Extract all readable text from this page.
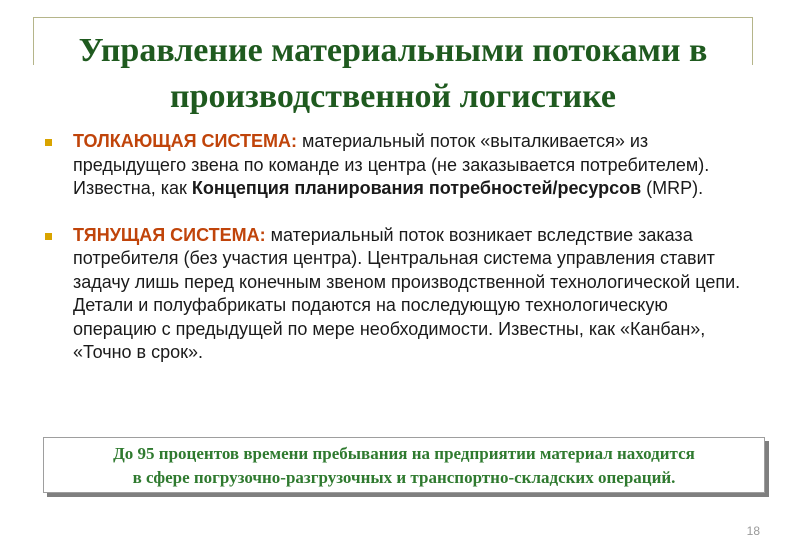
Управление материальными потоками в
производственной логистике
ТОЛКАЮЩАЯ СИСТЕМА: материальный поток «выталкивается» из предыдущего звена по команде из центра (не заказывается потребителем). Известна, как Концепция планирования потребностей/ресурсов (MRP).
ТЯНУЩАЯ СИСТЕМА: материальный поток возникает вследствие заказа потребителя (без участия центра). Центральная система управления ставит задачу лишь перед конечным звеном производственной технологической цепи. Детали и полуфабрикаты подаются на последующую технологическую операцию с предыдущей по мере необходимости. Известны, как «Канбан», «Точно в срок».
До 95 процентов времени пребывания на предприятии материал находится
в сфере погрузочно-разгрузочных и транспортно-складских операций.
18
